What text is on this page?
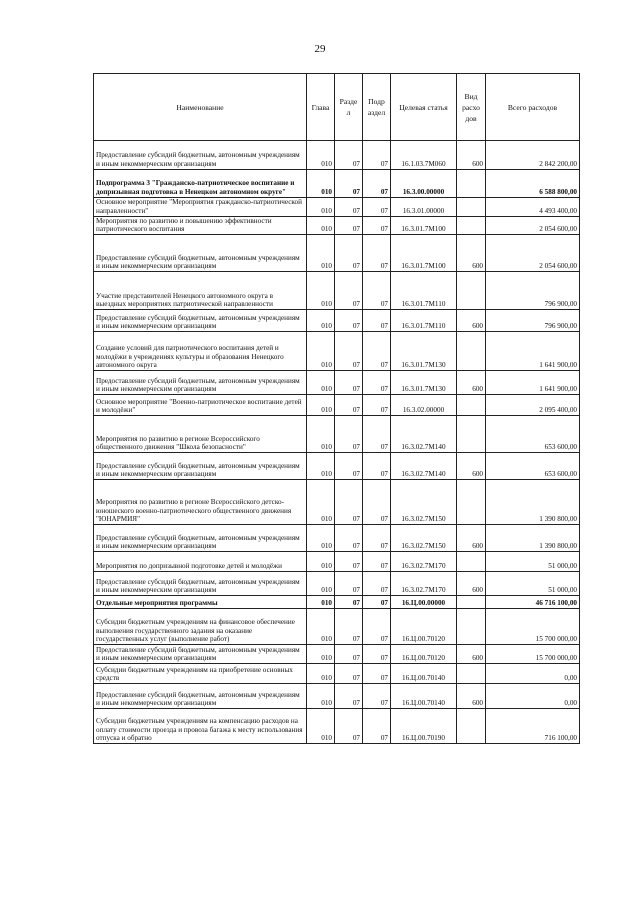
29
Наименование	Глава	Разде л	Подр аздел	Целевая статья	Вид расхо дов	Всего расходов
Предоставление субсидий бюджетным, автономным учреждениям и иным некоммерческим организациям	010	07	07	16.1.03.7М060	600	2 842 200,00
Подпрограмма 3 "Гражданско-патриотическое воспитание и допризывная подготовка в Ненецком автономном округе"	010	07	07	16.3.00.00000		6 588 800,00
Основное мероприятие "Мероприятия гражданско-патриотической направленности"	010	07	07	16.3.01.00000		4 493 400,00
Мероприятия по развитию и повышению эффективности патриотического воспитания	010	07	07	16.3.01.7М100		2 054 600,00
Предоставление субсидий бюджетным, автономным учреждениям и иным некоммерческим организациям	010	07	07	16.3.01.7М100	600	2 054 600,00
Участие представителей Ненецкого автономного округа в выездных мероприятиях патриотической направленности	010	07	07	16.3.01.7М110		796 900,00
Предоставление субсидий бюджетным, автономным учреждениям и иным некоммерческим организациям	010	07	07	16.3.01.7М110	600	796 900,00
Создание условий для патриотического воспитания детей и молодёжи в учреждениях культуры и образования Ненецкого автономного округа	010	07	07	16.3.01.7М130		1 641 900,00
Предоставление субсидий бюджетным, автономным учреждениям и иным некоммерческим организациям	010	07	07	16.3.01.7М130	600	1 641 900,00
Основное мероприятие "Военно-патриотическое воспитание детей и молодёжи"	010	07	07	16.3.02.00000		2 095 400,00
Мероприятия по развитию в регионе Всероссийского общественного движения "Школа безопасности"	010	07	07	16.3.02.7М140		653 600,00
Предоставление субсидий бюджетным, автономным учреждениям и иным некоммерческим организациям	010	07	07	16.3.02.7М140	600	653 600,00
Мероприятия по развитию в регионе Всероссийского детско-юношеского военно-патриотического общественного движения "ЮНАРМИЯ"	010	07	07	16.3.02.7М150		1 390 800,00
Предоставление субсидий бюджетным, автономным учреждениям и иным некоммерческим организациям	010	07	07	16.3.02.7М150	600	1 390 800,00
Мероприятия по допризывной подготовке детей и молодёжи	010	07	07	16.3.02.7М170		51 000,00
Предоставление субсидий бюджетным, автономным учреждениям и иным некоммерческим организациям	010	07	07	16.3.02.7М170	600	51 000,00
Отдельные мероприятия программы	010	07	07	16.Ц.00.00000		46 716 100,00
Субсидии бюджетным учреждениям на финансовое обеспечение выполнения государственного задания на оказание государственных услуг (выполнение работ)	010	07	07	16.Ц.00.70120		15 700 000,00
Предоставление субсидий бюджетным, автономным учреждениям и иным некоммерческим организациям	010	07	07	16.Ц.00.70120	600	15 700 000,00
Субсидии бюджетным учреждениям на приобретение основных средств	010	07	07	16.Ц.00.70140		0,00
Предоставление субсидий бюджетным, автономным учреждениям и иным некоммерческим организациям	010	07	07	16.Ц.00.70140	600	0,00
Субсидии бюджетным учреждениям на компенсацию расходов на оплату стоимости проезда и провоза багажа к месту использования отпуска и обратно	010	07	07	16.Ц.00.70190		716 100,00
